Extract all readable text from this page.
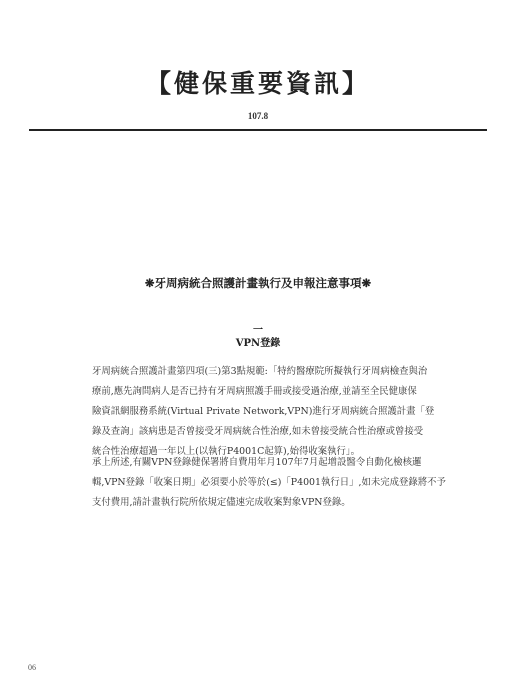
【健保重要資訊】
107.8
❋牙周病統合照護計畫執行及申報注意事項❋
一
VPN登錄
牙周病統合照護計畫第四項(三)第3點規範:「特約醫療院所擬執行牙周病檢查與治
療前,應先詢問病人是否已持有牙周病照護手冊或接受過治療,並請至全民健康保
險資訊網服務系統(Virtual Private Network,VPN)進行牙周病統合照護計畫「登
錄及查詢」該病患是否曾接受牙周病統合性治療,如未曾接受統合性治療或曾接受
統合性治療超過一年以上(以執行P4001C起算),始得收案執行」。
承上所述,有關VPN登錄健保署將自費用年月107年7月起增設醫令自動化檢核邏
輯,VPN登錄「收案日期」必須要小於等於(≤)「P4001執行日」,如未完成登錄將不予
支付費用,請計畫執行院所依規定儘速完成收案對象VPN登錄。
06
